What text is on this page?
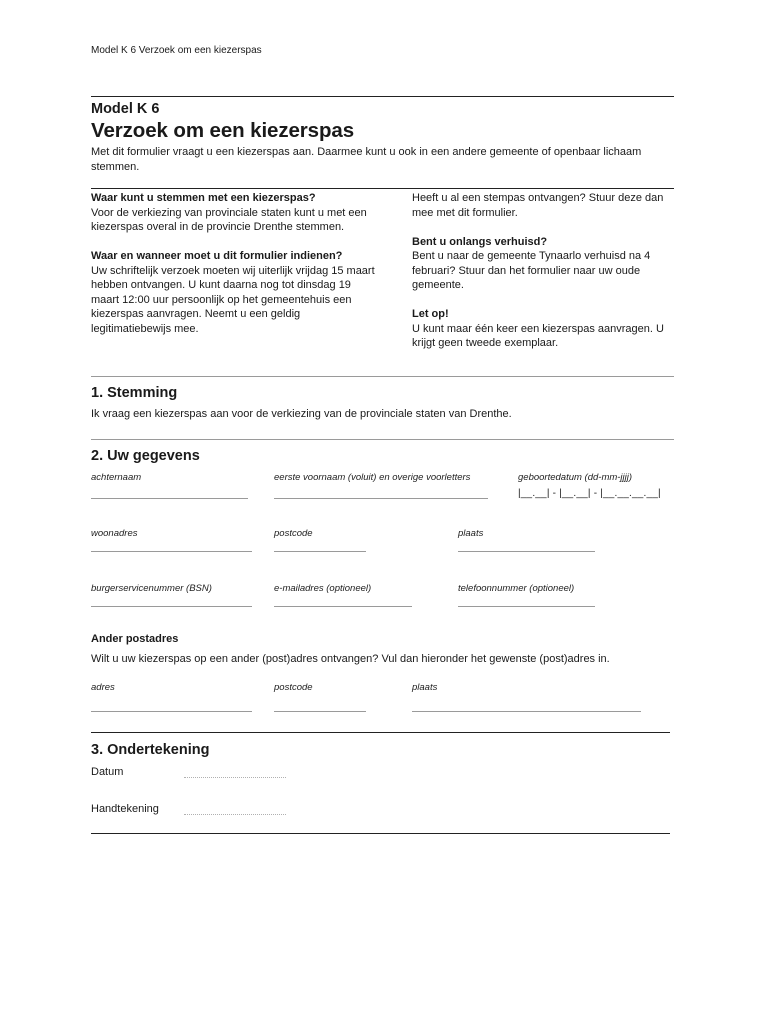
Model K 6 Verzoek om een kiezerspas
Model K 6
Verzoek om een kiezerspas
Met dit formulier vraagt u een kiezerspas aan. Daarmee kunt u ook in een andere gemeente of openbaar lichaam stemmen.

Waar kunt u stemmen met een kiezerspas?

Voor de verkiezing van provinciale staten kunt u met een kiezerspas overal in de provincie Drenthe stemmen.

Waar en wanneer moet u dit formulier indienen?

Uw schriftelijk verzoek moeten wij uiterlijk vrijdag 15 maart hebben ontvangen. U kunt daarna nog tot dinsdag 19 maart 12:00 uur persoonlijk op het gemeentehuis een kiezerspas aanvragen. Neemt u een geldig legitimatiebewijs mee.

Heeft u al een stempas ontvangen? Stuur deze dan mee met dit formulier.

Bent u onlangs verhuisd?

Bent u naar de gemeente Tynaarlo verhuisd na 4 februari? Stuur dan het formulier naar uw oude gemeente.

Let op!

U kunt maar één keer een kiezerspas aanvragen. U krijgt geen tweede exemplaar.

1. Stemming
Ik vraag een kiezerspas aan voor de verkiezing van de provinciale staten van Drenthe.
2. Uw gegevens
achternaam	eerste voornaam (voluit) en overige voorletters	geboortedatum (dd-mm-jjjj)
|__.__| - |__.__| - |__.__.__.__|
woonadres	postcode	plaats
burgerservicenummer (BSN)	e-mailadres (optioneel)	telefoonnummer (optioneel)
Ander postadres
Wilt u uw kiezerspas op een ander (post)adres ontvangen? Vul dan hieronder het gewenste (post)adres in.
adres	postcode	plaats
3. Ondertekening
Datum
Handtekening
